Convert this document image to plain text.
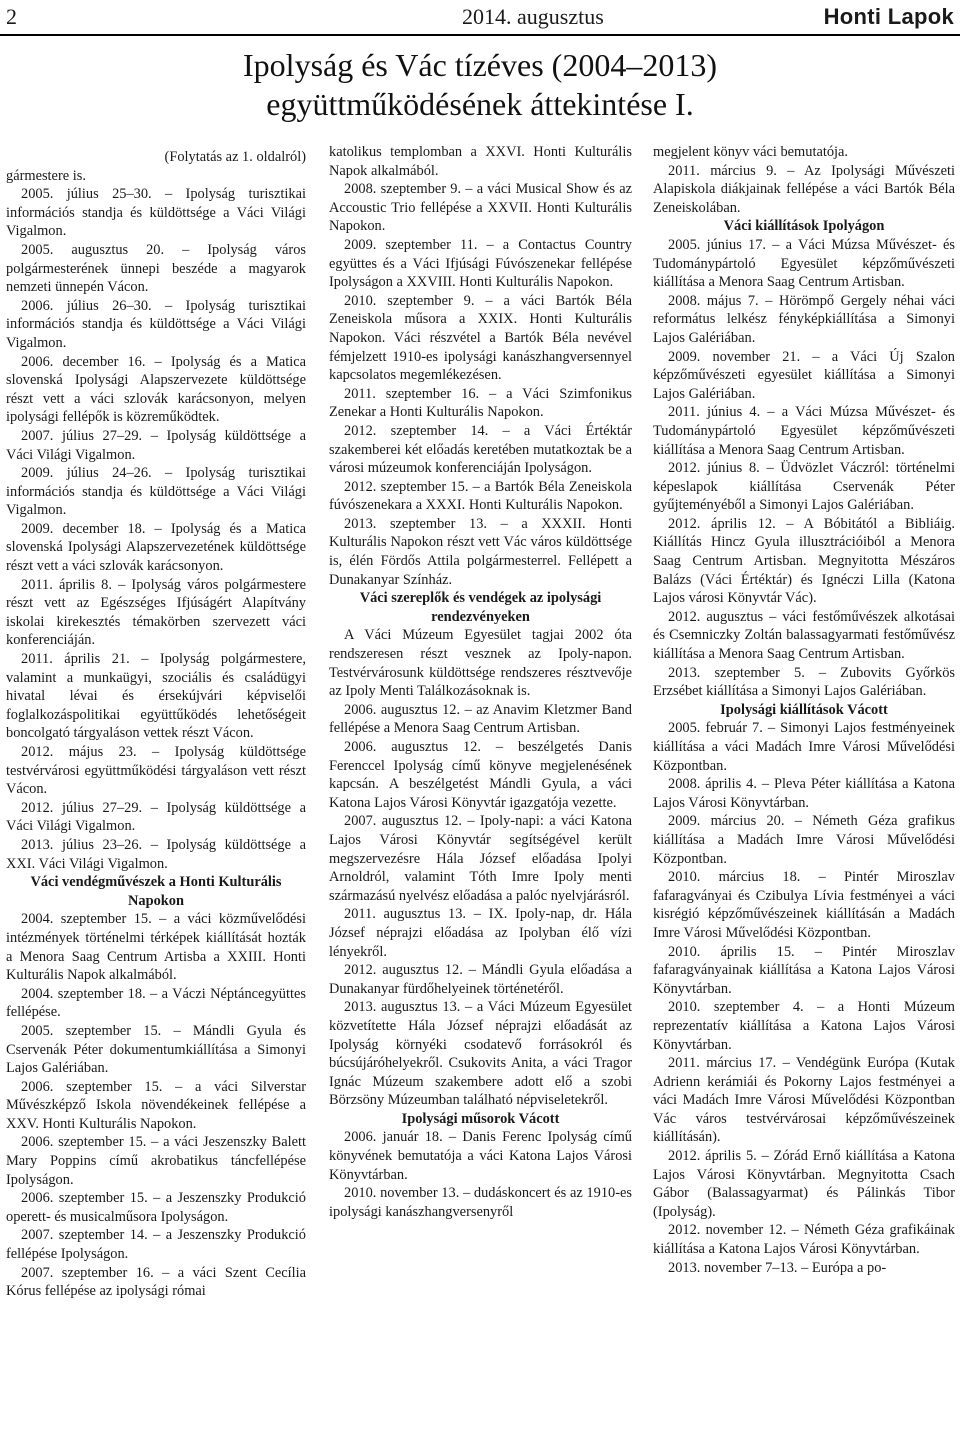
2	2014. augusztus	Honti Lapok
Ipolyság és Vác tízéves (2004–2013)
együttműködésének áttekintése I.

(Folytatás az 1. oldalról)

gármestere is.

2005. július 25–30. – Ipolyság turisztikai információs standja és küldöttsége a Váci Világi Vigalmon.

2005. augusztus 20. – Ipolyság város polgármesterének ünnepi beszéde a magyarok nemzeti ünnepén Vácon.

2006. július 26–30. – Ipolyság turisztikai információs standja és küldöttsége a Váci Világi Vigalmon.

2006. december 16. – Ipolyság és a Matica slovenská Ipolysági Alapszervezete küldöttsége részt vett a váci szlovák karácsonyon, melyen ipolysági fellépők is közreműködtek.

2007. július 27–29. – Ipolyság küldöttsége a Váci Világi Vigalmon.

2009. július 24–26. – Ipolyság turisztikai információs standja és küldöttsége a Váci Világi Vigalmon.

2009. december 18. – Ipolyság és a Matica slovenská Ipolysági Alapszervezetének küldöttsége részt vett a váci szlovák karácsonyon.

2011. április 8. – Ipolyság város polgármestere részt vett az Egészséges Ifjúságért Alapítvány iskolai kirekesztés témakörben szervezett váci konferenciáján.

2011. április 21. – Ipolyság polgármestere, valamint a munkaügyi, szociális és családügyi hivatal lévai és érsekújvári képviselői foglalkozáspolitikai együttűködés lehetőségeit boncolgató tárgyaláson vettek részt Vácon.

2012. május 23. – Ipolyság küldöttsége testvérvárosi együttműködési tárgyaláson vett részt Vácon.

2012. július 27–29. – Ipolyság küldöttsége a Váci Világi Vigalmon.

2013. július 23–26. – Ipolyság küldöttsége a XXI. Váci Világi Vigalmon.

Váci vendégművészek a Honti Kulturális Napokon

2004. szeptember 15. – a váci közművelődési intézmények történelmi térképek kiállítását hozták a Menora Saag Centrum Artisba a XXIII. Honti Kulturális Napok alkalmából.

2004. szeptember 18. – a Váczi Néptáncegyüttes fellépése.

2005. szeptember 15. – Mándli Gyula és Cservenák Péter dokumentumkiállítása a Simonyi Lajos Galériában.

2006. szeptember 15. – a váci Silverstar Művészképző Iskola növendékeinek fellépése a XXV. Honti Kulturális Napokon.

2006. szeptember 15. – a váci Jeszenszky Balett Mary Poppins című akrobatikus táncfellépése Ipolyságon.

2006. szeptember 15. – a Jeszenszky Produkció operett- és musicalműsora Ipolyságon.

2007. szeptember 14. – a Jeszenszky Produkció fellépése Ipolyságon.

2007. szeptember 16. – a váci Szent Cecília Kórus fellépése az ipolysági római

katolikus templomban a XXVI. Honti Kulturális Napok alkalmából.

2008. szeptember 9. – a váci Musical Show és az Accoustic Trio fellépése a XXVII. Honti Kulturális Napokon.

2009. szeptember 11. – a Contactus Country együttes és a Váci Ifjúsági Fúvószenekar fellépése Ipolyságon a XXVIII. Honti Kulturális Napokon.

2010. szeptember 9. – a váci Bartók Béla Zeneiskola műsora a XXIX. Honti Kulturális Napokon. Váci részvétel a Bartók Béla nevével fémjelzett 1910-es ipolysági kanászhangversennyel kapcsolatos megemlékezésen.

2011. szeptember 16. – a Váci Szimfonikus Zenekar a Honti Kulturális Napokon.

2012. szeptember 14. – a Váci Értéktár szakemberei két előadás keretében mutatkoztak be a városi múzeumok konferenciáján Ipolyságon.

2012. szeptember 15. – a Bartók Béla Zeneiskola fúvószenekara a XXXI. Honti Kulturális Napokon.

2013. szeptember 13. – a XXXII. Honti Kulturális Napokon részt vett Vác város küldöttsége is, élén Fördős Attila polgármesterrel. Fellépett a Dunakanyar Színház.

Váci szereplők és vendégek az ipolysági rendezvényeken

A Váci Múzeum Egyesület tagjai 2002 óta rendszeresen részt vesznek az Ipoly-napon. Testvérvárosunk küldöttsége rendszeres résztvevője az Ipoly Menti Találkozásoknak is.

2006. augusztus 12. – az Anavim Kletzmer Band fellépése a Menora Saag Centrum Artisban.

2006. augusztus 12. – beszélgetés Danis Ferenccel Ipolyság című könyve megjelenésének kapcsán. A beszélgetést Mándli Gyula, a váci Katona Lajos Városi Könyvtár igazgatója vezette.

2007. augusztus 12. – Ipoly-napi: a váci Katona Lajos Városi Könyvtár segítségével került megszervezésre Hála József előadása Ipolyi Arnoldról, valamint Tóth Imre Ipoly menti származású nyelvész előadása a palóc nyelvjárásról.

2011. augusztus 13. – IX. Ipoly-nap, dr. Hála József néprajzi előadása az Ipolyban élő vízi lényekről.

2012. augusztus 12. – Mándli Gyula előadása a Dunakanyar fürdőhelyeinek történetéről.

2013. augusztus 13. – a Váci Múzeum Egyesület közvetítette Hála József néprajzi előadását az Ipolyság környéki csodatevő forrásokról és búcsújáróhelyekről. Csukovits Anita, a váci Tragor Ignác Múzeum szakembere adott elő a szobi Börzsöny Múzeumban található népviseletekről.

Ipolysági műsorok Vácott

2006. január 18. – Danis Ferenc Ipolyság című könyvének bemutatója a váci Katona Lajos Városi Könyvtárban.

2010. november 13. – dudáskoncert és az 1910-es ipolysági kanászhangversenyről

megjelent könyv váci bemutatója.

2011. március 9. – Az Ipolysági Művészeti Alapiskola diákjainak fellépése a váci Bartók Béla Zeneiskolában.

Váci kiállítások Ipolyágon

2005. június 17. – a Váci Múzsa Művészet- és Tudománypártoló Egyesület képzőművészeti kiállítása a Menora Saag Centrum Artisban.

2008. május 7. – Hörömpő Gergely néhai váci református lelkész fényképkiállítása a Simonyi Lajos Galériában.

2009. november 21. – a Váci Új Szalon képzőművészeti egyesület kiállítása a Simonyi Lajos Galériában.

2011. június 4. – a Váci Múzsa Művészet- és Tudománypártoló Egyesület képzőművészeti kiállítása a Menora Saag Centrum Artisban.

2012. június 8. – Üdvözlet Váczról: történelmi képeslapok kiállítása Cservenák Péter gyűjteményéből a Simonyi Lajos Galériában.

2012. április 12. – A Bóbitától a Bibliáig. Kiállítás Hincz Gyula illusztrációiból a Menora Saag Centrum Artisban. Megnyitotta Mészáros Balázs (Váci Értéktár) és Ignéczi Lilla (Katona Lajos városi Könyvtár Vác).

2012. augusztus – váci festőművészek alkotásai és Csemniczky Zoltán balassagyarmati festőművész kiállítása a Menora Saag Centrum Artisban.

2013. szeptember 5. – Zubovits Győrkös Erzsébet kiállítása a Simonyi Lajos Galériában.

Ipolysági kiállítások Vácott

2005. február 7. – Simonyi Lajos festményeinek kiállítása a váci Madách Imre Városi Művelődési Központban.

2008. április 4. – Pleva Péter kiállítása a Katona Lajos Városi Könyvtárban.

2009. március 20. – Németh Géza grafikus kiállítása a Madách Imre Városi Művelődési Központban.

2010. március 18. – Pintér Miroszlav fafaragványai és Czibulya Lívia festményei a váci kisrégió képzőművészeinek kiállításán a Madách Imre Városi Művelődési Központban.

2010. április 15. – Pintér Miroszlav fafaragványainak kiállítása a Katona Lajos Városi Könyvtárban.

2010. szeptember 4. – a Honti Múzeum reprezentatív kiállítása a Katona Lajos Városi Könyvtárban.

2011. március 17. – Vendégünk Európa (Kutak Adrienn kerámiái és Pokorny Lajos festményei a váci Madách Imre Városi Művelődési Központban Vác város testvérvárosai képzőművészeinek kiállításán).

2012. április 5. – Zórád Ernő kiállítása a Katona Lajos Városi Könyvtárban. Megnyitotta Csach Gábor (Balassagyarmat) és Pálinkás Tibor (Ipolyság).

2012. november 12. – Németh Géza grafikáinak kiállítása a Katona Lajos Városi Könyvtárban.

2013. november 7–13. – Európa a po-
